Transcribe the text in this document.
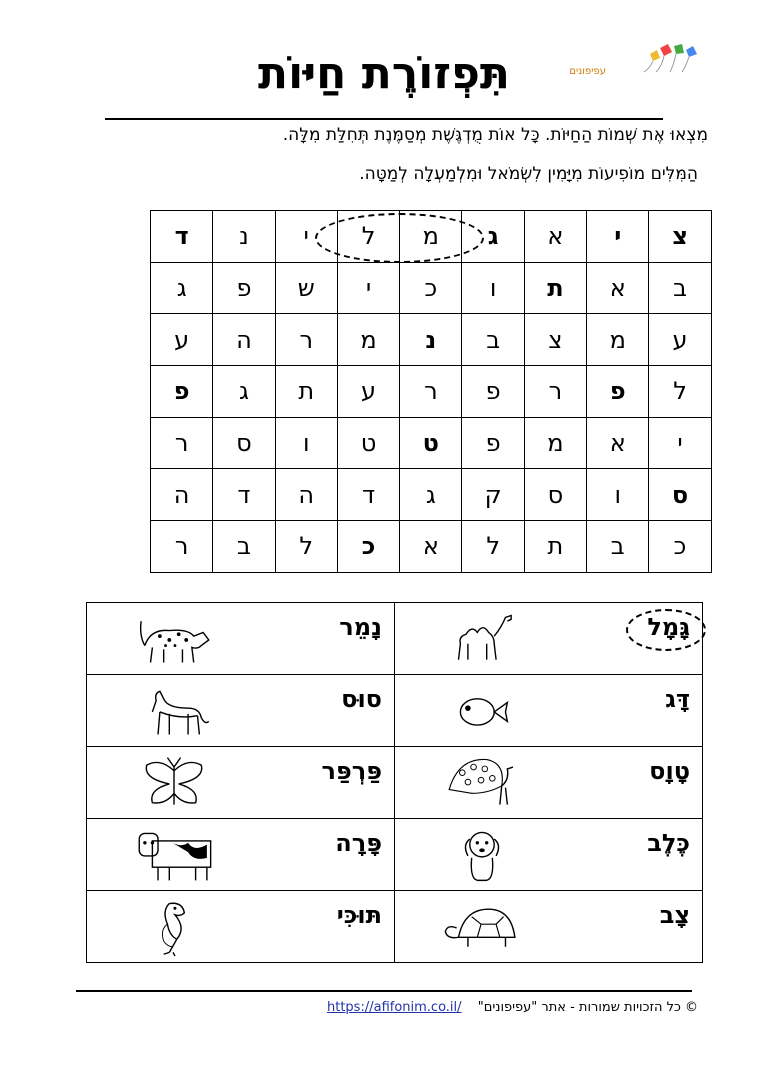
תִּפְזוֹרֶת חַיּוֹת	עפיפונים
מִצְאוּ אֶת שְׁמוֹת הַחַיּוֹת. כָּל אוֹת מֻדְגֶּשֶׁת מְסַמֶּנֶת תְּחִלַּת מִלָּה.
הַמִּלִּים מוֹפִיעוֹת מִיָּמִין לִשְׂמֹאל וּמִלְמַעְלָה לְמַטָּה.
צ	י	א	ג	מ	ל	י	נ	ד
ב	א	ת	ו	כ	י	ש	פ	ג
ע	מ	צ	ב	נ	מ	ר	ה	ע
ל	פ	ר	פ	ר	ע	ת	ג	פ
י	א	מ	פ	ט	ט	ו	ס	ר
ס	ו	ס	ק	ג	ד	ה	ד	ה
כ	ב	ת	ל	א	כ	ל	ב	ר
גָּמָל	נָמֵר

דָּג	סוּס

טָוָס	פַּרְפַּר

כֶּלֶב	פָּרָה

צָב	תּוּכִּי
https://afifonim.co.il/ © כל הזכויות שמורות - אתר "עפיפונים"
